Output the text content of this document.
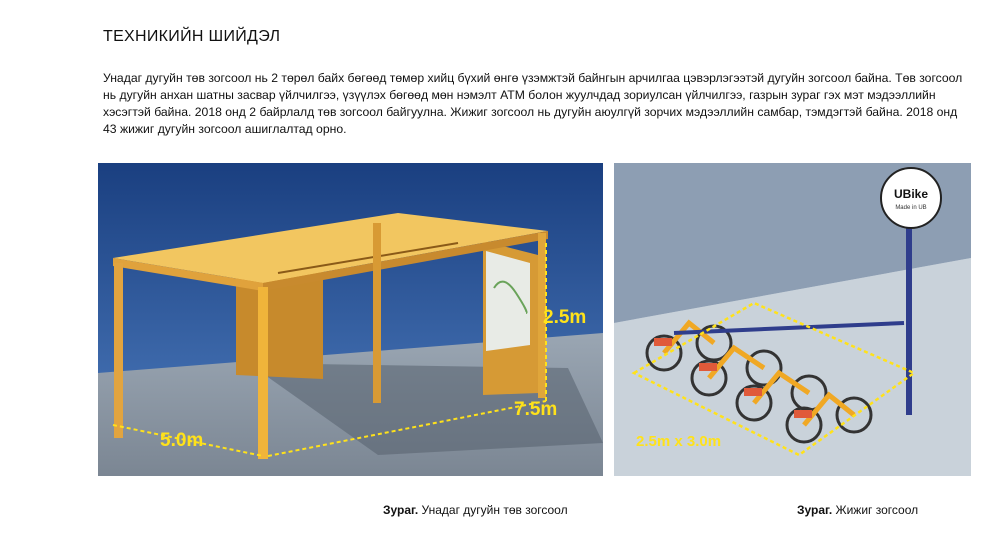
ТЕХНИКИЙН ШИЙДЭЛ
Унадаг дугуйн төв зогсоол нь 2 төрөл байх бөгөөд төмөр хийц бүхий өнгө үзэмжтэй байнгын арчилгаа цэвэрлэгээтэй дугуйн зогсоол байна. Төв зогсоол нь дугуйн анхан шатны засвар үйлчилгээ, үзүүлэх бөгөөд мөн нэмэлт АТМ болон жуулчдад зориулсан үйлчилгээ, газрын зураг гэх мэт мэдээллийн хэсэгтэй байна. 2018 онд 2 байрлалд төв зогсоол байгуулна. Жижиг зогсоол нь дугуйн аюулгүй зорчих мэдээллийн самбар, тэмдэгтэй байна. 2018 онд 43 жижиг дугуйн зогсоол ашиглалтад орно.
2.5m
7.5m
5.0m
UBike
Made in UB
2.5m x 3.0m
Зураг. Унадаг дугуйн төв зогсоол	Зураг. Жижиг зогсоол
